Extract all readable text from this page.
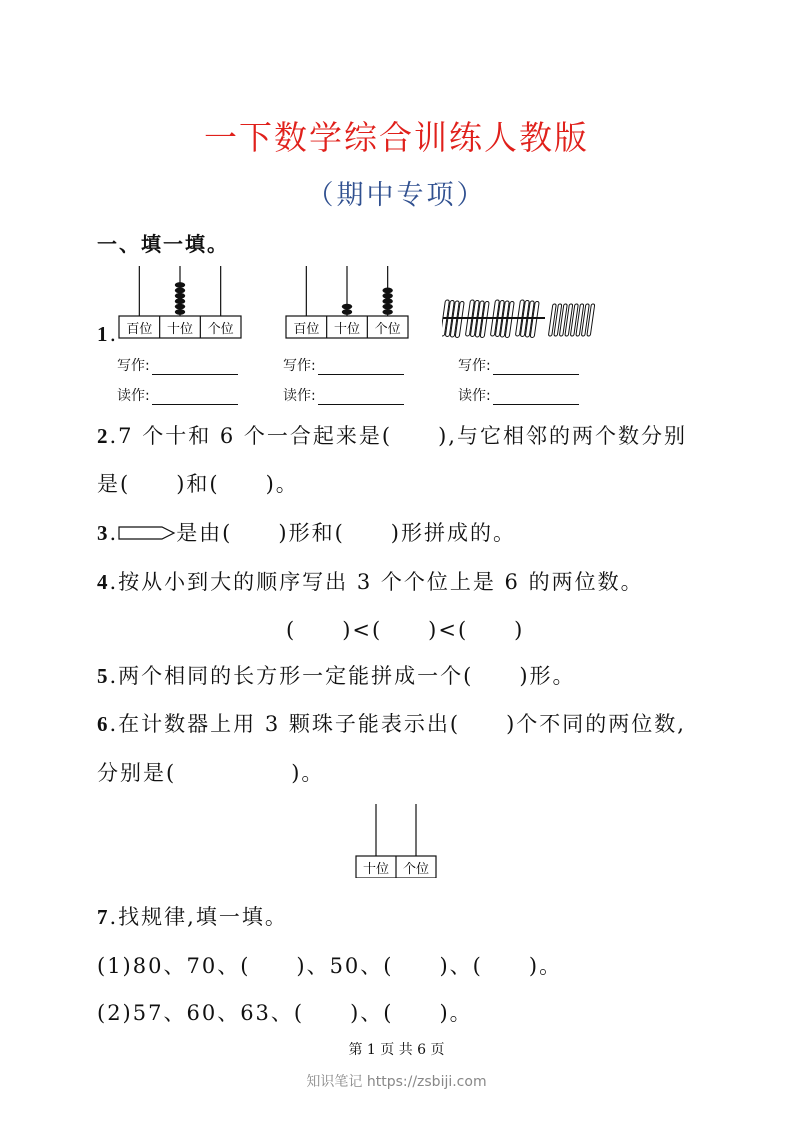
一下数学综合训练人教版
（期中专项）
一、填一填。
1. 百位 十位 个位	百位 十位 个位
写作:
读作:
写作:
读作:
写作:
读作:
2.7 个十和 6 个一合起来是(　　),与它相邻的两个数分别
是(　　)和(　　)。
3.	是由(　　)形和(　　)形拼成的。
4.按从小到大的顺序写出 3 个个位上是 6 的两位数。
(　　)<(　　)<(　　)
5.两个相同的长方形一定能拼成一个(　　)形。
6.在计数器上用 3 颗珠子能表示出(　　)个不同的两位数,
分别是(　　　　　)。
十位 个位
7.找规律,填一填。
(1)80、70、(　　)、50、(　　)、(　　)。
(2)57、60、63、(　　)、(　　)。
第 1 页 共 6 页
知识笔记 https://zsbiji.com
